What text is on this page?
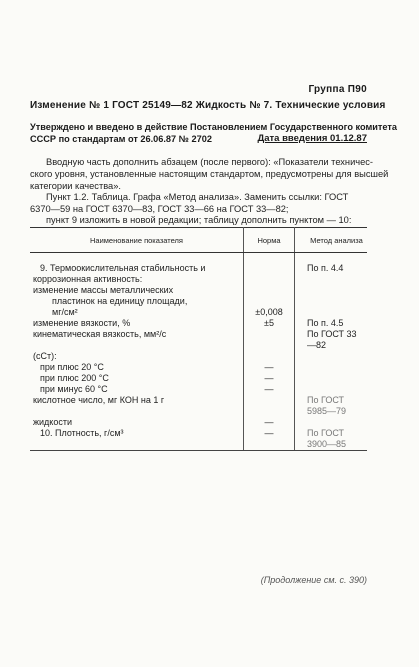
Группа П90
Изменение № 1 ГОСТ 25149—82 Жидкость № 7. Технические условия
Утверждено и введено в действие Постановлением Государственного комитета
СССР по стандартам от 26.06.87 № 2702	Дата введения 01.12.87
Вводную часть дополнить абзацем (после первого): «Показатели техничес-
ского уровня, установленные настоящим стандартом, предусмотрены для высшей
категории качества».
Пункт 1.2. Таблица. Графа «Метод анализа». Заменить ссылки: ГОСТ
6370—59 на ГОСТ 6370—83, ГОСТ 33—66 на ГОСТ 33—82;
пункт 9 изложить в новой редакции; таблицу дополнить пунктом — 10:
Наименование показателя	Норма	Метод анализа

9. Термоокислительная стабильность и		По п. 4.4
коррозионная активность:		
изменение массы металлических		
пластинок на единицу площади,		
мг/см²	±0,008	
изменение вязкости, %	±5	По п. 4.5
кинематическая вязкость, мм²/с		По ГОСТ 33—82
(сСт):		
при плюс 20 °С	—	
при плюс 200 °С	—	
при минус 60 °С	—	
кислотное число, мг КОН на 1 г		По ГОСТ 5985—79
жидкости	—	
10. Плотность, г/см³	—	По ГОСТ 3900—85
(Продолжение см. с. 390)
